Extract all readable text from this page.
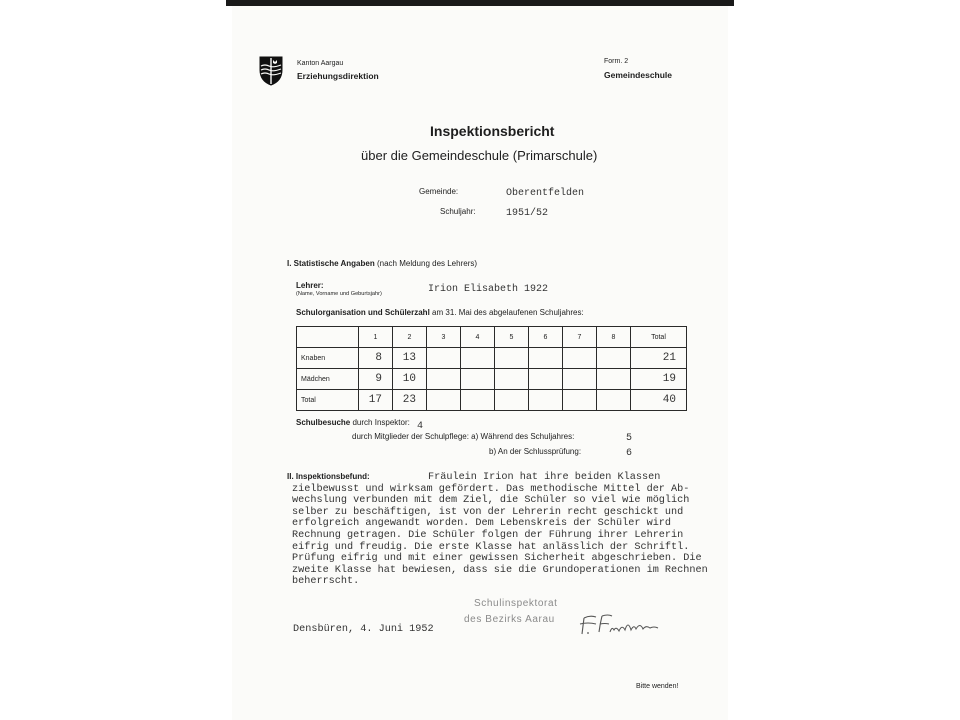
Kanton Aargau
Erziehungsdirektion
Form. 2
Gemeindeschule
Inspektionsbericht
über die Gemeindeschule (Primarschule)
Gemeinde:	Oberentfelden
Schuljahr:	1951/52
I. Statistische Angaben (nach Meldung des Lehrers)
Lehrer:
(Name, Vorname und Geburtsjahr)	Irion Elisabeth 1922
Schulorganisation und Schülerzahl am 31. Mai des abgelaufenen Schuljahres:
	1	2	3	4	5	6	7	8	Total
Knaben	8	13							21
Mädchen	9	10							19
Total	17	23							40
Schulbesuche durch Inspektor: 4
durch Mitglieder der Schulpflege: a) Während des Schuljahres:	5
b) An der Schlussprüfung:	6
II. Inspektionsbefund:	Fräulein Irion hat ihre beiden Klassen
zielbewusst und wirksam gefördert. Das methodische Mittel der Ab-
wechslung verbunden mit dem Ziel, die Schüler so viel wie möglich
selber zu beschäftigen, ist von der Lehrerin recht geschickt und
erfolgreich angewandt worden. Dem Lebenskreis der Schüler wird
Rechnung getragen. Die Schüler folgen der Führung ihrer Lehrerin
eifrig und freudig. Die erste Klasse hat anlässlich der Schriftl.
Prüfung eifrig und mit einer gewissen Sicherheit abgeschrieben. Die
zweite Klasse hat bewiesen, dass sie die Grundoperationen im Rechnen
beherrscht.
Schulinspektorat
des Bezirks Aarau
Densbüren, 4. Juni 1952
Bitte wenden!
